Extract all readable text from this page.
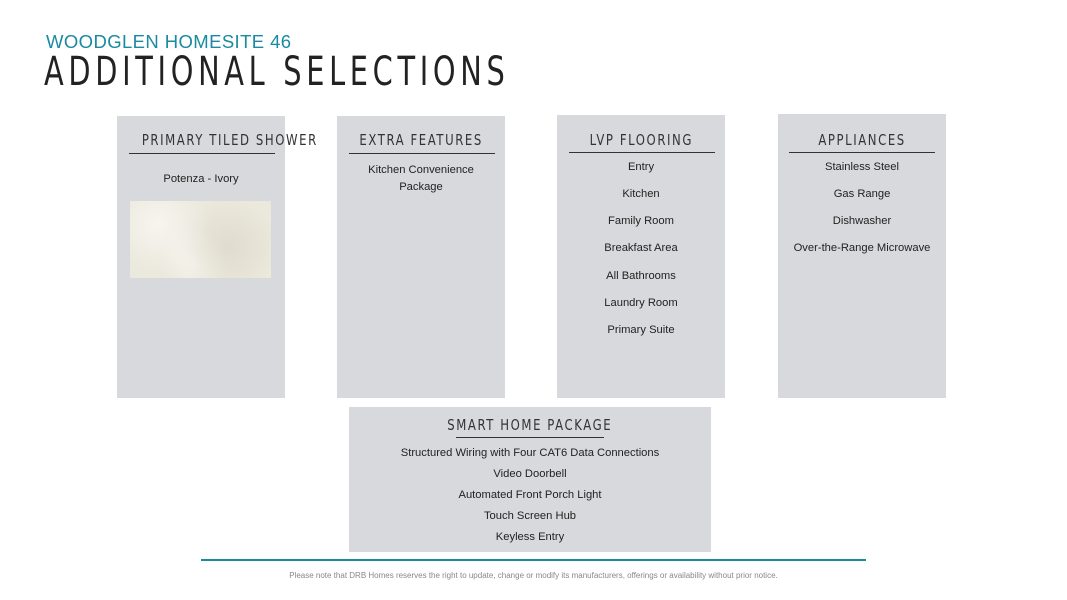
WOODGLEN HOMESITE 46
ADDITIONAL SELECTIONS
PRIMARY TILED SHOWER
Potenza - Ivory
EXTRA FEATURES
Kitchen Convenience
Package
LVP FLOORING
Entry
Kitchen
Family Room
Breakfast Area
All Bathrooms
Laundry Room
Primary Suite
APPLIANCES
Stainless Steel
Gas Range
Dishwasher
Over-the-Range Microwave
SMART HOME PACKAGE
Structured Wiring with Four CAT6 Data Connections
Video Doorbell
Automated Front Porch Light
Touch Screen Hub
Keyless Entry
Please note that DRB Homes reserves the right to update, change or modify its manufacturers, offerings or availability without prior notice.
